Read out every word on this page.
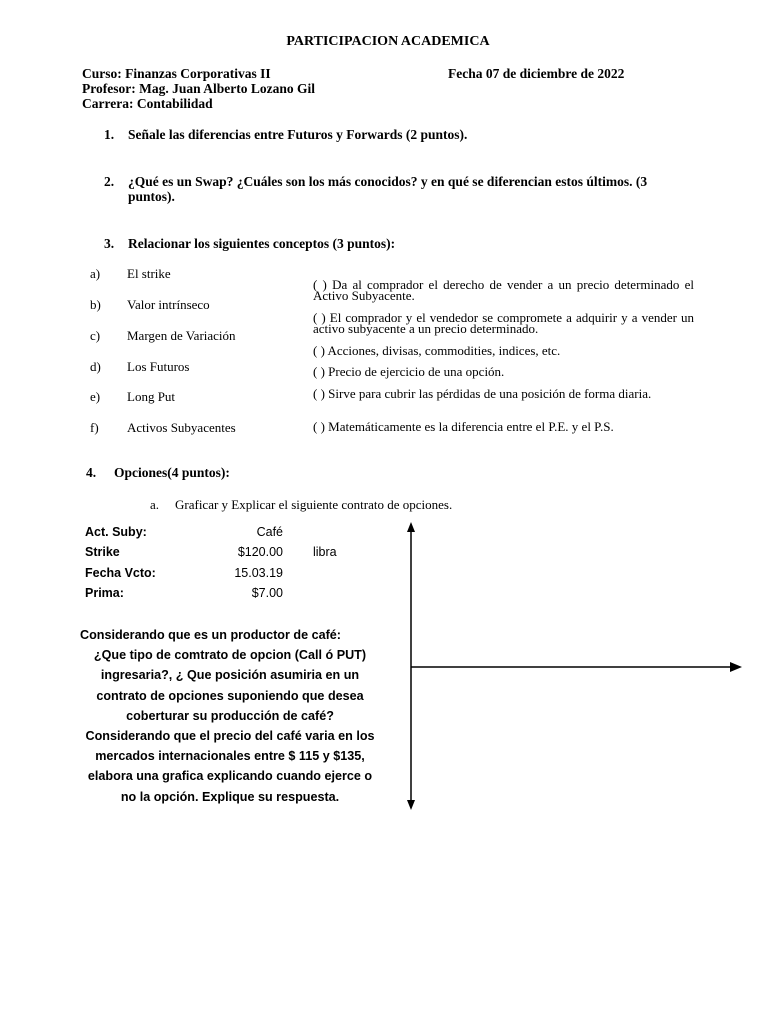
PARTICIPACION ACADEMICA
Curso: Finanzas Corporativas II	Fecha 07 de diciembre de 2022
Profesor: Mag. Juan Alberto Lozano Gil
Carrera: Contabilidad
1. Señale las diferencias entre Futuros y Forwards (2 puntos).
2. ¿Qué es un Swap? ¿Cuáles son los más conocidos? y en qué se diferencian estos últimos. (3
puntos).
3. Relacionar los siguientes conceptos (3 puntos):
a) El strike
b) Valor intrínseco
c) Margen de Variación
d) Los Futuros
e) Long Put
f) Activos Subyacentes
( ) Da al comprador el derecho de vender a un precio determinado el Activo Subyacente.
( ) El comprador y el vendedor se compromete a adquirir y a vender un activo subyacente a un precio determinado.
( ) Acciones, divisas, commodities, indices, etc.
( ) Precio de ejercicio de una opción.
( ) Sirve para cubrir las pérdidas de una posición de forma diaria.
( ) Matemáticamente es la diferencia entre el P.E. y el P.S.
4. Opciones(4 puntos):
a. Graficar y Explicar el siguiente contrato de opciones.
Act. Suby:	Café
Strike	$120.00 libra
Fecha Vcto:	15.03.19
Prima:	$7.00
Considerando que es un productor de café:
¿Que tipo de comtrato de opcion (Call ó PUT)
ingresaria?, ¿ Que posición asumiria en un
contrato de opciones suponiendo que desea
coberturar su producción de café?
Considerando que el precio del café varia en los
mercados internacionales entre $ 115 y $135,
elabora una grafica explicando cuando ejerce o
no la opción. Explique su respuesta.
